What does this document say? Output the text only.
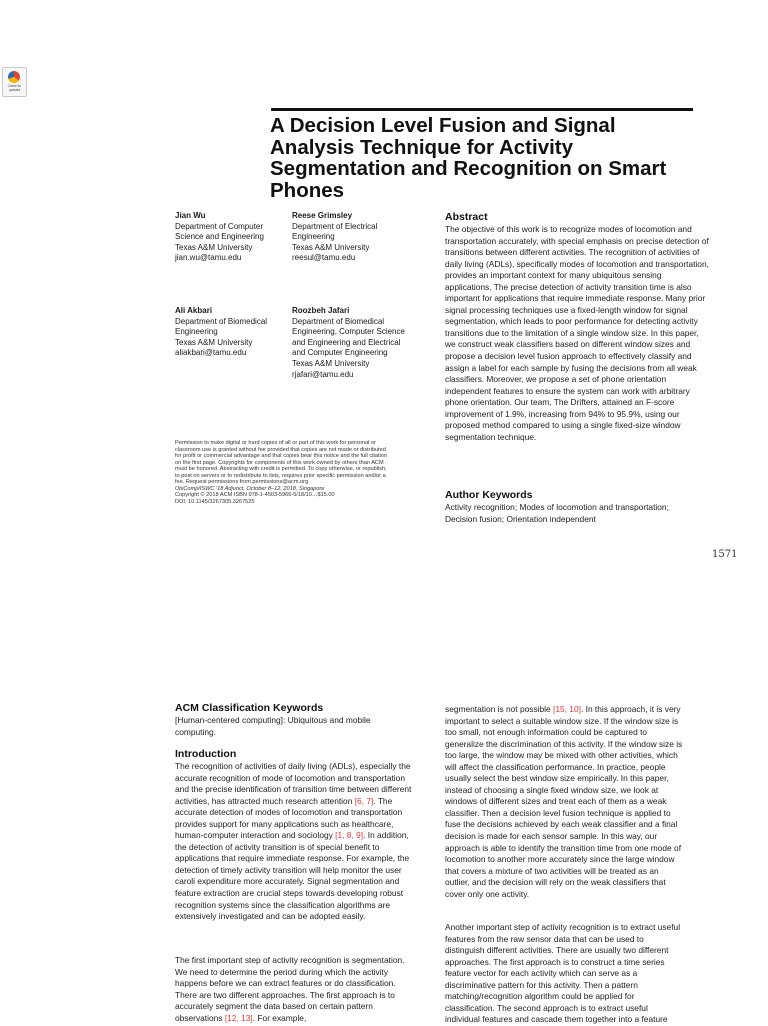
Check for updates
A Decision Level Fusion and Signal Analysis Technique for Activity Segmentation and Recognition on Smart Phones
Jian Wu
Department of Computer
Science and Engineering
Texas A&M University
jian.wu@tamu.edu
Reese Grimsley
Department of Electrical
Engineering
Texas A&M University
reesul@tamu.edu
Ali Akbari
Department of Biomedical
Engineering
Texas A&M University
aliakbari@tamu.edu
Roozbeh Jafari
Department of Biomedical
Engineering, Computer Science
and Engineering and Electrical
and Computer Engineering
Texas A&M University
rjafari@tamu.edu
Abstract
The objective of this work is to recognize modes of locomotion and transportation accurately, with special emphasis on precise detection of transitions between different activities. The recognition of activities of daily living (ADLs), specifically modes of locomotion and transportation, provides an important context for many ubiquitous sensing applications. The precise detection of activity transition time is also important for applications that require immediate response. Many prior signal processing techniques use a fixed-length window for signal segmentation, which leads to poor performance for detecting activity transitions due to the limitation of a single window size. In this paper, we construct weak classifiers based on different window sizes and propose a decision level fusion approach to effectively classify and assign a label for each sample by fusing the decisions from all weak classifiers. Moreover, we propose a set of phone orientation independent features to ensure the system can work with arbitrary phone orientation. Our team, The Drifters, attained an F-score improvement of 1.9%, increasing from 94% to 95.9%, using our proposed method compared to using a single fixed-size window segmentation technique.
Author Keywords
Activity recognition; Modes of locomotion and transportation; Decision fusion; Orientation independent
Permission to make digital or hard copies of all or part of this work for personal or
classroom use is granted without fee provided that copies are not made or distributed
for profit or commercial advantage and that copies bear this notice and the full citation
on the first page. Copyrights for components of this work owned by others than ACM
must be honored. Abstracting with credit is permitted. To copy otherwise, or republish,
to post on servers or to redistribute to lists, requires prior specific permission and/or a
fee. Request permissions from permissions@acm.org.
UbiComp/ISWC '18 Adjunct, October 8–12, 2018, Singapore
Copyright © 2018 ACM ISBN 978-1-4503-5966-5/18/10…$15.00
DOI: 10.1145/3267305.3267525
1571
ACM Classification Keywords
[Human-centered computing]: Ubiquitous and mobile computing.
Introduction

The recognition of activities of daily living (ADLs), especially the accurate recognition of mode of locomotion and transportation and the precise identification of transition time between different activities, has attracted much research attention [6, 7]. The accurate detection of modes of locomotion and transportation provides support for many applications such as healthcare, human-computer interaction and sociology [1, 8, 9]. In addition, the detection of activity transition is of special benefit to applications that require immediate response. For example, the detection of timely activity transition will help monitor the user caroli expenditure more accurately. Signal segmentation and feature extraction are crucial steps towards developing robust recognition systems since the classification algorithms are extensively investigated and can be adopted easily.

The first important step of activity recognition is segmentation. We need to determine the period during which the activity happens before we can extract features or do classification. There are two different approaches. The first approach is to accurately segment the data based on certain pattern observations [12, 13]. For example,

segmentation is not possible [15, 10]. In this approach, it is very important to select a suitable window size. If the window size is too small, not enough information could be captured to generalize the discrimination of this activity. If the window size is too large, the window may be mixed with other activities, which will affect the classification performance. In practice, people usually select the best window size empirically. In this paper, instead of choosing a single fixed window size, we look at windows of different sizes and treat each of them as a weak classifier. Then a decision level fusion technique is applied to fuse the decisions achieved by each weak classifier and a final decision is made for each sensor sample. In this way, our approach is able to identify the transition time from one mode of locomotion to another more accurately since the large window that covers a mixture of two activities will be treated as an outlier, and the decision will rely on the weak classifiers that cover only one activity.

Another important step of activity recognition is to extract useful features from the raw sensor data that can be used to distinguish different activities. There are usually two different approaches. The first approach is to construct a time series feature vector for each activity which can serve as a discriminative pattern for this activity. Then a pattern matching/recognition algorithm could be applied for classification. The second approach is to extract useful individual features and cascade them together into a feature
